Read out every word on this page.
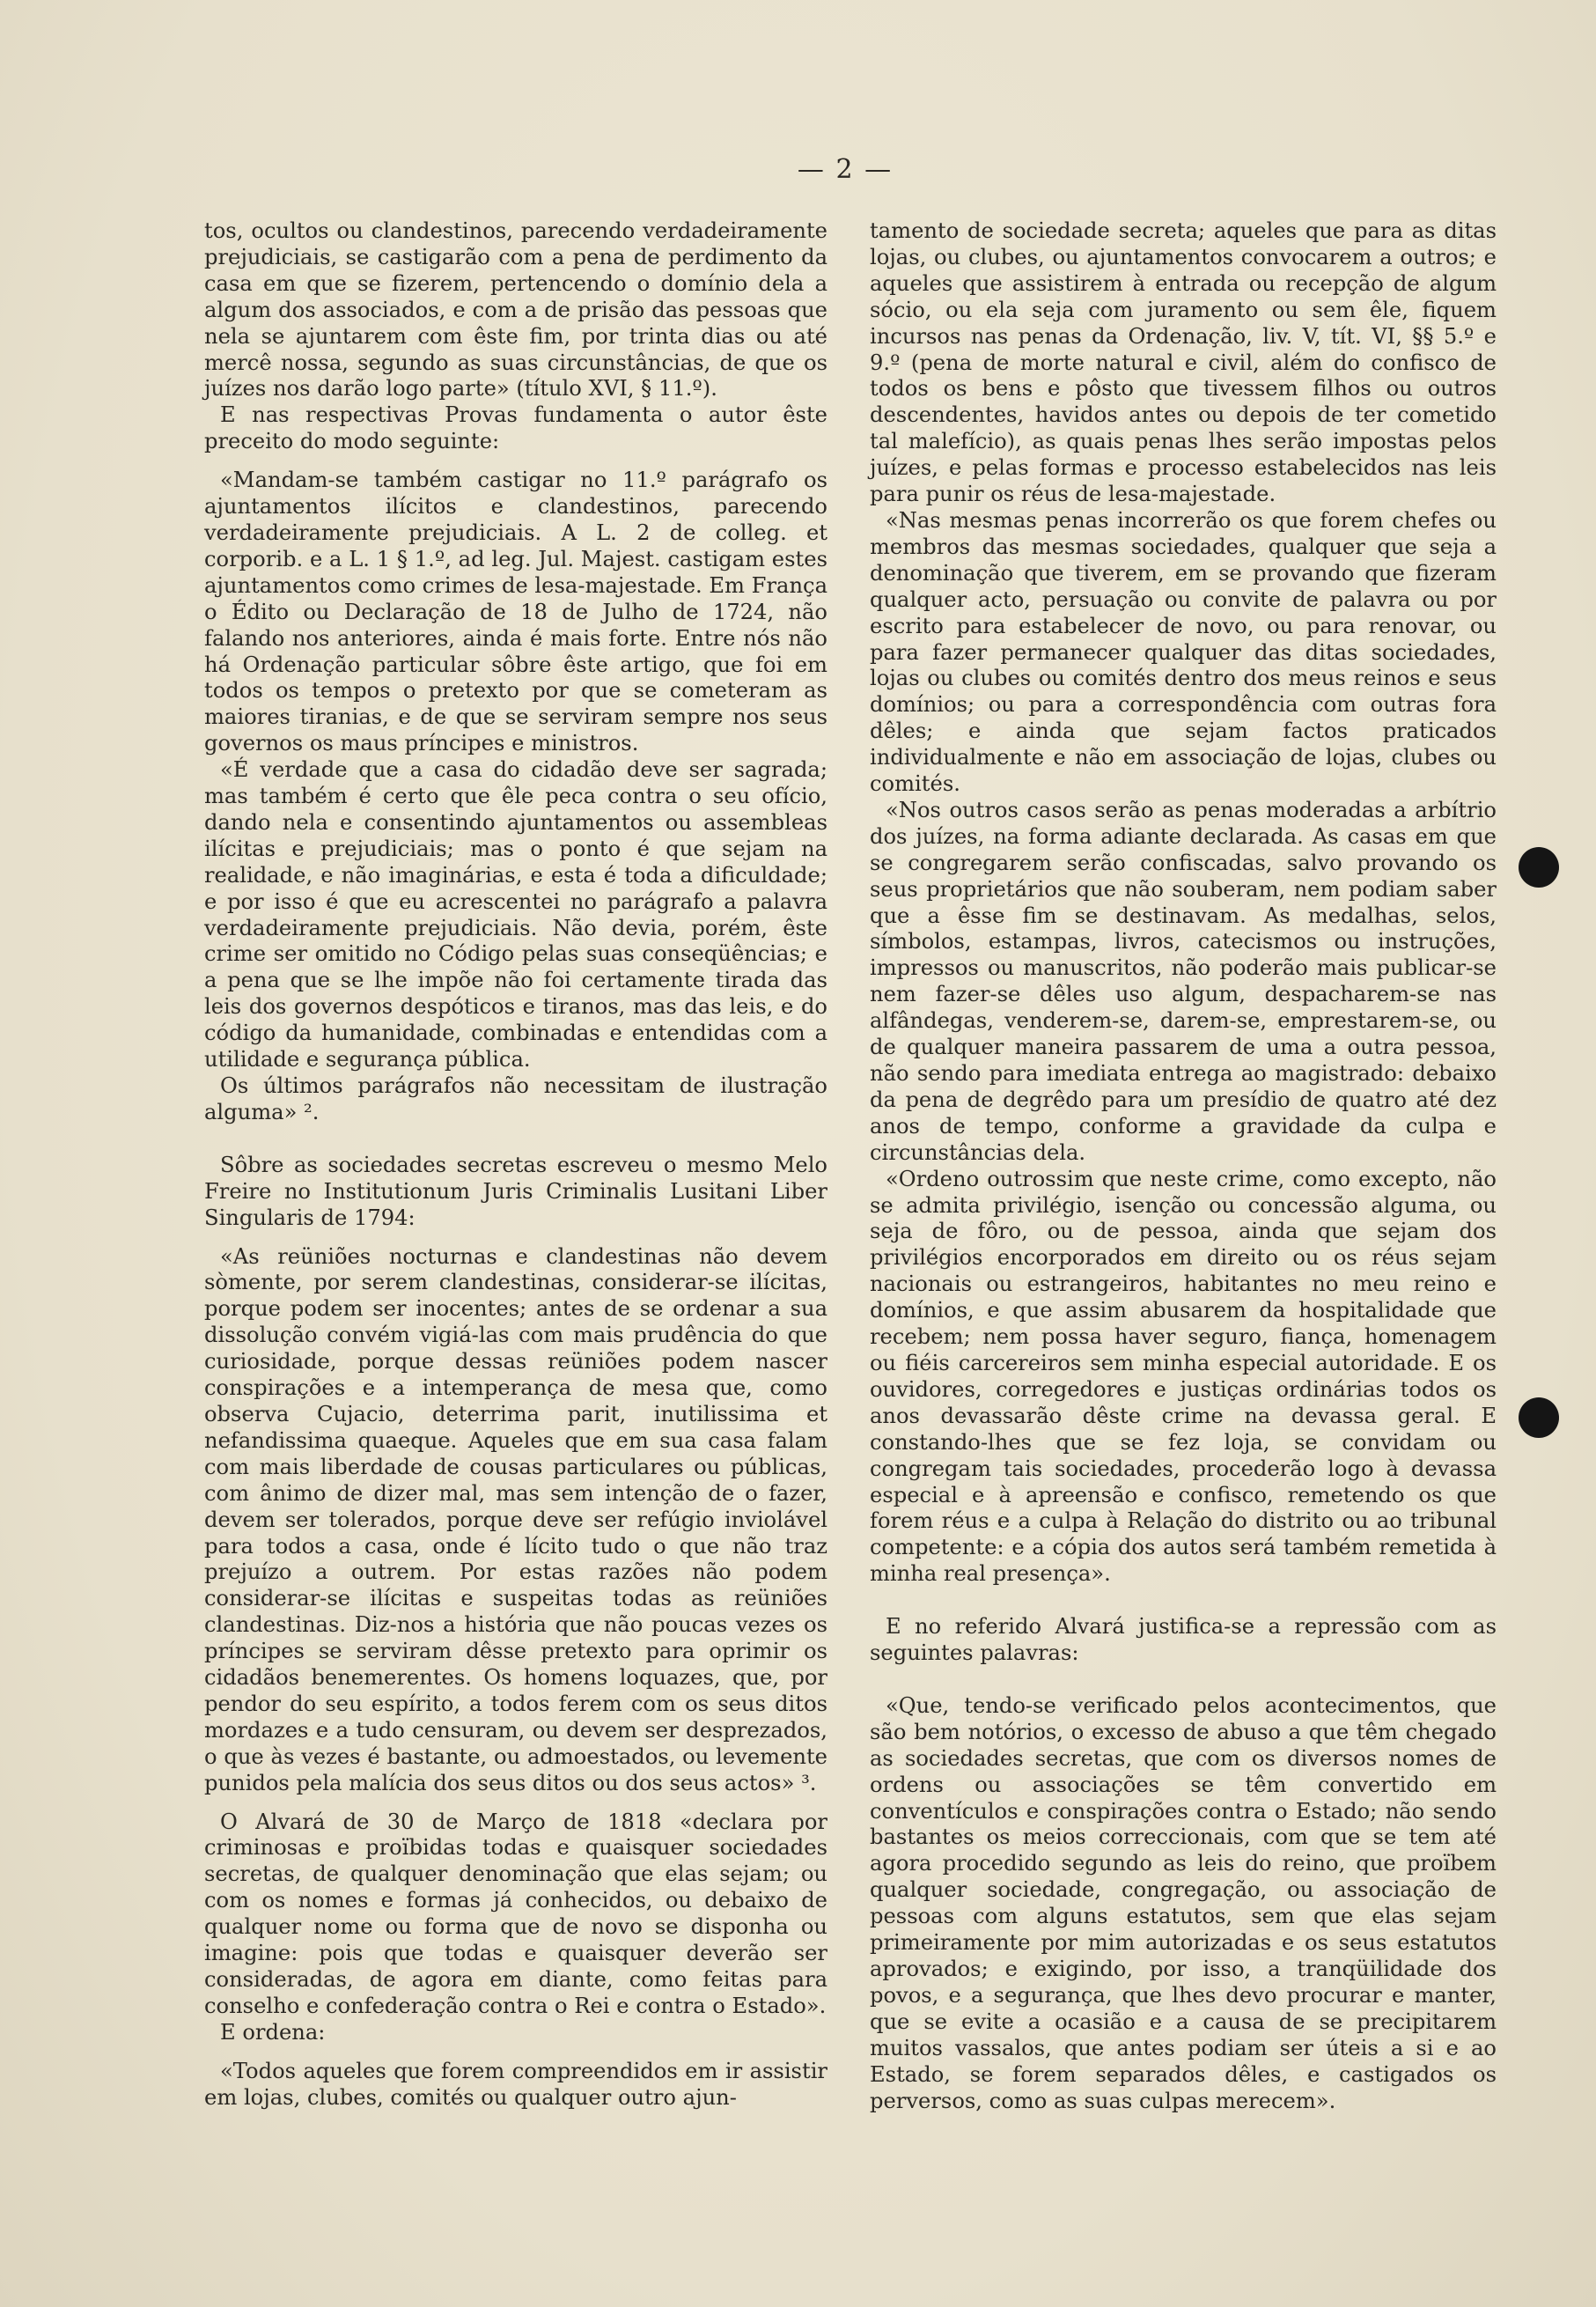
— 2 —

tos, ocultos ou clandestinos, parecendo verdadeiramente prejudiciais, se castigarão com a pena de perdimento da casa em que se fizerem, pertencendo o domínio dela a algum dos associados, e com a de prisão das pessoas que nela se ajuntarem com êste fim, por trinta dias ou até mercê nossa, segundo as suas circunstâncias, de que os juízes nos darão logo parte» (título XVI, § 11.º).

E nas respectivas Provas fundamenta o autor êste preceito do modo seguinte:

«Mandam-se também castigar no 11.º parágrafo os ajuntamentos ilícitos e clandestinos, parecendo verdadeiramente prejudiciais. A L. 2 de colleg. et corporib. e a L. 1 § 1.º, ad leg. Jul. Majest. castigam estes ajuntamentos como crimes de lesa-majestade. Em França o Édito ou Declaração de 18 de Julho de 1724, não falando nos anteriores, ainda é mais forte. Entre nós não há Ordenação particular sôbre êste artigo, que foi em todos os tempos o pretexto por que se cometeram as maiores tiranias, e de que se serviram sempre nos seus governos os maus príncipes e ministros.

«É verdade que a casa do cidadão deve ser sagrada; mas também é certo que êle peca contra o seu ofício, dando nela e consentindo ajuntamentos ou assembleas ilícitas e prejudiciais; mas o ponto é que sejam na realidade, e não imaginárias, e esta é toda a dificuldade; e por isso é que eu acrescentei no parágrafo a palavra verdadeiramente prejudiciais. Não devia, porém, êste crime ser omitido no Código pelas suas conseqüências; e a pena que se lhe impõe não foi certamente tirada das leis dos governos despóticos e tiranos, mas das leis, e do código da humanidade, combinadas e entendidas com a utilidade e segurança pública.

Os últimos parágrafos não necessitam de ilustração alguma» ².

Sôbre as sociedades secretas escreveu o mesmo Melo Freire no Institutionum Juris Criminalis Lusitani Liber Singularis de 1794:

«As reüniões nocturnas e clandestinas não devem sòmente, por serem clandestinas, considerar-se ilícitas, porque podem ser inocentes; antes de se ordenar a sua dissolução convém vigiá-las com mais prudência do que curiosidade, porque dessas reüniões podem nascer conspirações e a intemperança de mesa que, como observa Cujacio, deterrima parit, inutilissima et nefandissima quaeque. Aqueles que em sua casa falam com mais liberdade de cousas particulares ou públicas, com ânimo de dizer mal, mas sem intenção de o fazer, devem ser tolerados, porque deve ser refúgio inviolável para todos a casa, onde é lícito tudo o que não traz prejuízo a outrem. Por estas razões não podem considerar-se ilícitas e suspeitas todas as reüniões clandestinas. Diz-nos a história que não poucas vezes os príncipes se serviram dêsse pretexto para oprimir os cidadãos benemerentes. Os homens loquazes, que, por pendor do seu espírito, a todos ferem com os seus ditos mordazes e a tudo censuram, ou devem ser desprezados, o que às vezes é bastante, ou admoestados, ou levemente punidos pela malícia dos seus ditos ou dos seus actos» ³.

O Alvará de 30 de Março de 1818 «declara por criminosas e proïbidas todas e quaisquer sociedades secretas, de qualquer denominação que elas sejam; ou com os nomes e formas já conhecidos, ou debaixo de qualquer nome ou forma que de novo se disponha ou imagine: pois que todas e quaisquer deverão ser consideradas, de agora em diante, como feitas para conselho e confederação contra o Rei e contra o Estado».

E ordena:

«Todos aqueles que forem compreendidos em ir assistir em lojas, clubes, comités ou qualquer outro ajun-

tamento de sociedade secreta; aqueles que para as ditas lojas, ou clubes, ou ajuntamentos convocarem a outros; e aqueles que assistirem à entrada ou recepção de algum sócio, ou ela seja com juramento ou sem êle, fiquem incursos nas penas da Ordenação, liv. V, tít. VI, §§ 5.º e 9.º (pena de morte natural e civil, além do confisco de todos os bens e pôsto que tivessem filhos ou outros descendentes, havidos antes ou depois de ter cometido tal malefício), as quais penas lhes serão impostas pelos juízes, e pelas formas e processo estabelecidos nas leis para punir os réus de lesa-majestade.

«Nas mesmas penas incorrerão os que forem chefes ou membros das mesmas sociedades, qualquer que seja a denominação que tiverem, em se provando que fizeram qualquer acto, persuação ou convite de palavra ou por escrito para estabelecer de novo, ou para renovar, ou para fazer permanecer qualquer das ditas sociedades, lojas ou clubes ou comités dentro dos meus reinos e seus domínios; ou para a correspondência com outras fora dêles; e ainda que sejam factos praticados individualmente e não em associação de lojas, clubes ou comités.

«Nos outros casos serão as penas moderadas a arbítrio dos juízes, na forma adiante declarada. As casas em que se congregarem serão confiscadas, salvo provando os seus proprietários que não souberam, nem podiam saber que a êsse fim se destinavam. As medalhas, selos, símbolos, estampas, livros, catecismos ou instruções, impressos ou manuscritos, não poderão mais publicar-se nem fazer-se dêles uso algum, despacharem-se nas alfândegas, venderem-se, darem-se, emprestarem-se, ou de qualquer maneira passarem de uma a outra pessoa, não sendo para imediata entrega ao magistrado: debaixo da pena de degrêdo para um presídio de quatro até dez anos de tempo, conforme a gravidade da culpa e circunstâncias dela.

«Ordeno outrossim que neste crime, como excepto, não se admita privilégio, isenção ou concessão alguma, ou seja de fôro, ou de pessoa, ainda que sejam dos privilégios encorporados em direito ou os réus sejam nacionais ou estrangeiros, habitantes no meu reino e domínios, e que assim abusarem da hospitalidade que recebem; nem possa haver seguro, fiança, homenagem ou fiéis carcereiros sem minha especial autoridade. E os ouvidores, corregedores e justiças ordinárias todos os anos devassarão dêste crime na devassa geral. E constando-lhes que se fez loja, se convidam ou congregam tais sociedades, procederão logo à devassa especial e à apreensão e confisco, remetendo os que forem réus e a culpa à Relação do distrito ou ao tribunal competente: e a cópia dos autos será também remetida à minha real presença».

E no referido Alvará justifica-se a repressão com as seguintes palavras:

«Que, tendo-se verificado pelos acontecimentos, que são bem notórios, o excesso de abuso a que têm chegado as sociedades secretas, que com os diversos nomes de ordens ou associações se têm convertido em conventículos e conspirações contra o Estado; não sendo bastantes os meios correccionais, com que se tem até agora procedido segundo as leis do reino, que proïbem qualquer sociedade, congregação, ou associação de pessoas com alguns estatutos, sem que elas sejam primeiramente por mim autorizadas e os seus estatutos aprovados; e exigindo, por isso, a tranqüilidade dos povos, e a segurança, que lhes devo procurar e manter, que se evite a ocasião e a causa de se precipitarem muitos vassalos, que antes podiam ser úteis a si e ao Estado, se forem separados dêles, e castigados os perversos, como as suas culpas merecem».
